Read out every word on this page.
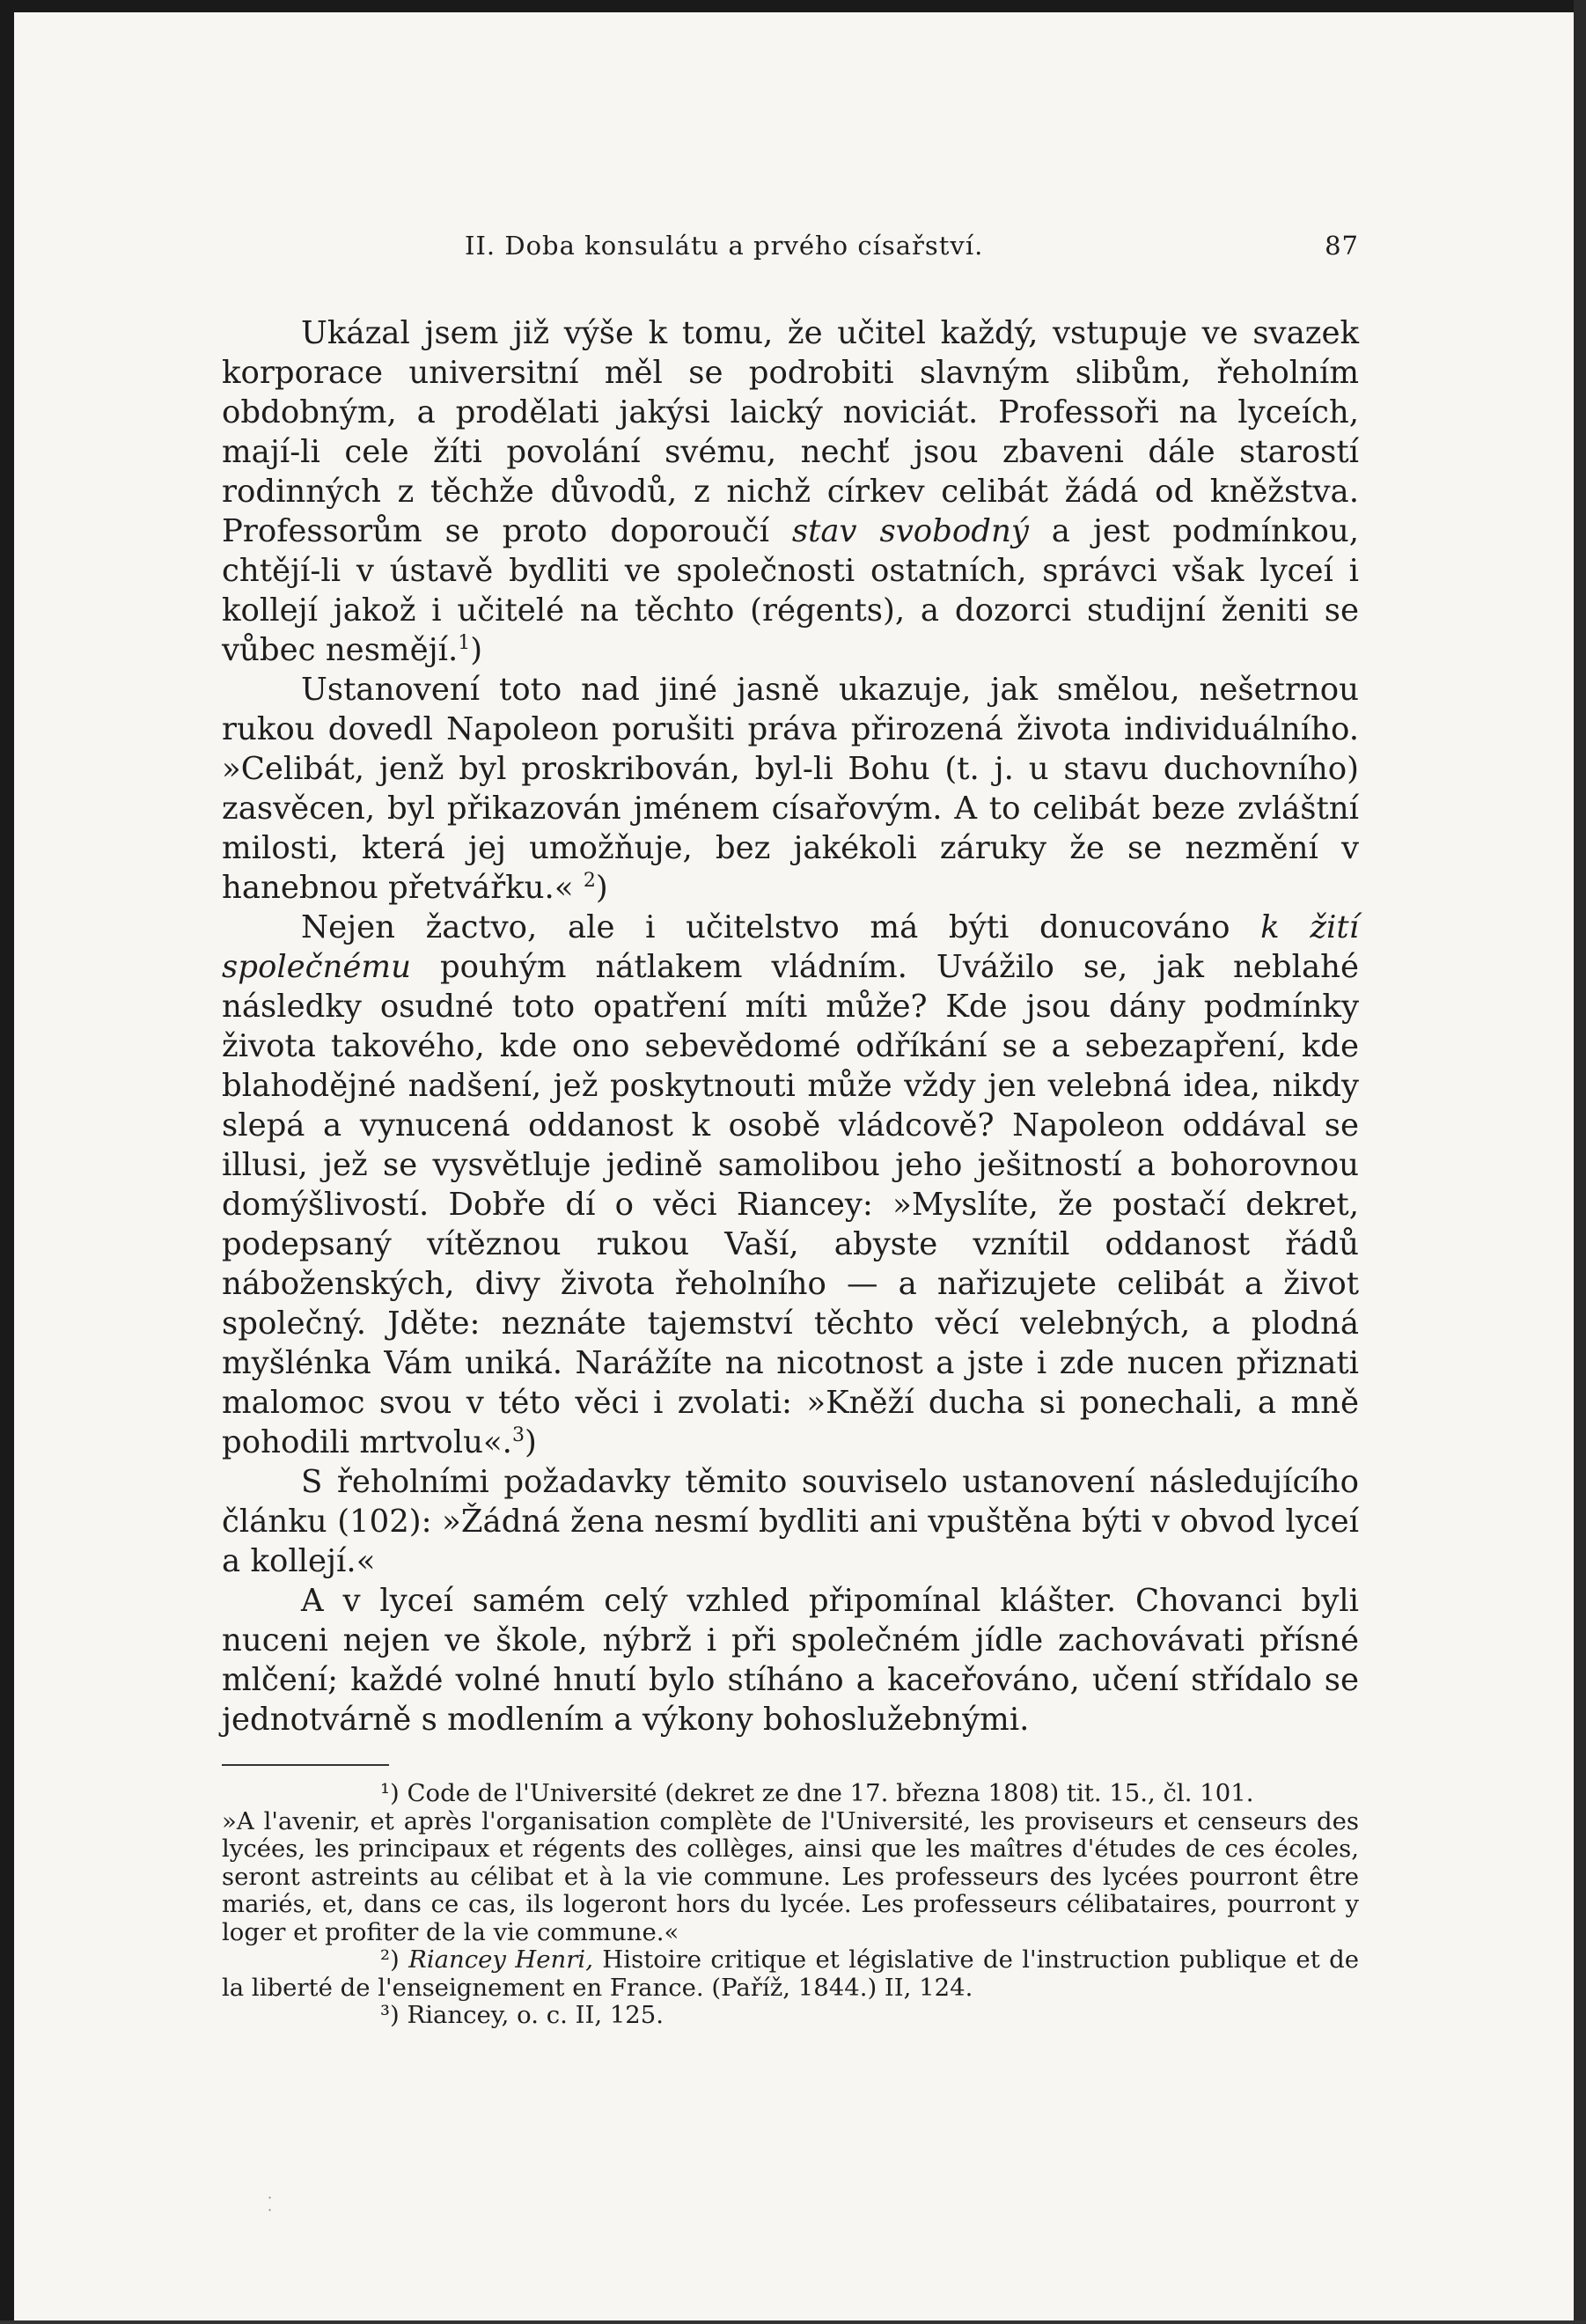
II. Doba konsulátu a prvého císařství.	87

Ukázal jsem již výše k tomu, že učitel každý, vstupuje ve svazek korporace universitní měl se podrobiti slavným slibům, řeholním obdobným, a prodělati jakýsi laický noviciát. Professoři na lyceích, mají-li cele žíti povolání svému, nechť jsou zbaveni dále starostí rodinných z těchže důvodů, z nichž církev celibát žádá od kněžstva. Professorům se proto doporoučí stav svobodný a jest podmínkou, chtějí-li v ústavě bydliti ve společnosti ostatních, správci však lyceí i kollejí jakož i učitelé na těchto (régents), a dozorci studijní ženiti se vůbec nesmějí.$^1$)

Ustanovení toto nad jiné jasně ukazuje, jak smělou, nešetrnou rukou dovedl Napoleon porušiti práva přirozená života individuálního. »Celibát, jenž byl proskribován, byl-li Bohu (t. j. u stavu duchovního) zasvěcen, byl přikazován jménem císařovým. A to celibát beze zvláštní milosti, která jej umožňuje, bez jakékoli záruky že se nezmění v hanebnou přetvářku.« $^2$)

Nejen žactvo, ale i učitelstvo má býti donucováno k žití společnému pouhým nátlakem vládním. Uvážilo se, jak neblahé následky osudné toto opatření míti může? Kde jsou dány podmínky života takového, kde ono sebevědomé odříkání se a sebezapření, kde blahodějné nadšení, jež poskytnouti může vždy jen velebná idea, nikdy slepá a vynucená oddanost k osobě vládcově? Napoleon oddával se illusi, jež se vysvětluje jedině samolibou jeho ješitností a bohorovnou domýšlivostí. Dobře dí o věci Riancey: »Myslíte, že postačí dekret, podepsaný vítěznou rukou Vaší, abyste vznítil oddanost řádů náboženských, divy života řeholního — a nařizujete celibát a život společný. Jděte: neznáte tajemství těchto věcí velebných, a plodná myšlénka Vám uniká. Narážíte na nicotnost a jste i zde nucen přiznati malomoc svou v této věci i zvolati: »Kněží ducha si ponechali, a mně pohodili mrtvolu«.$^3$)

S řeholními požadavky těmito souviselo ustanovení následujícího článku (102): »Žádná žena nesmí bydliti ani vpuštěna býti v obvod lyceí a kollejí.«

A v lyceí samém celý vzhled připomínal klášter. Chovanci byli nuceni nejen ve škole, nýbrž i při společném jídle zachovávati přísné mlčení; každé volné hnutí bylo stíháno a kaceřováno, učení střídalo se jednotvárně s modlením a výkony bohoslužebnými.

¹) Code de l'Université (dekret ze dne 17. března 1808) tit. 15., čl. 101.

»A l'avenir, et après l'organisation complète de l'Université, les proviseurs et censeurs des lycées, les principaux et régents des collèges, ainsi que les maîtres d'études de ces écoles, seront astreints au célibat et à la vie commune. Les professeurs des lycées pourront être mariés, et, dans ce cas, ils logeront hors du lycée. Les professeurs célibataires, pourront y loger et profiter de la vie commune.«

²) Riancey Henri, Histoire critique et législative de l'instruction publique et de la liberté de l'enseignement en France. (Paříž, 1844.) II, 124.

³) Riancey, o. c. II, 125.

·
·
